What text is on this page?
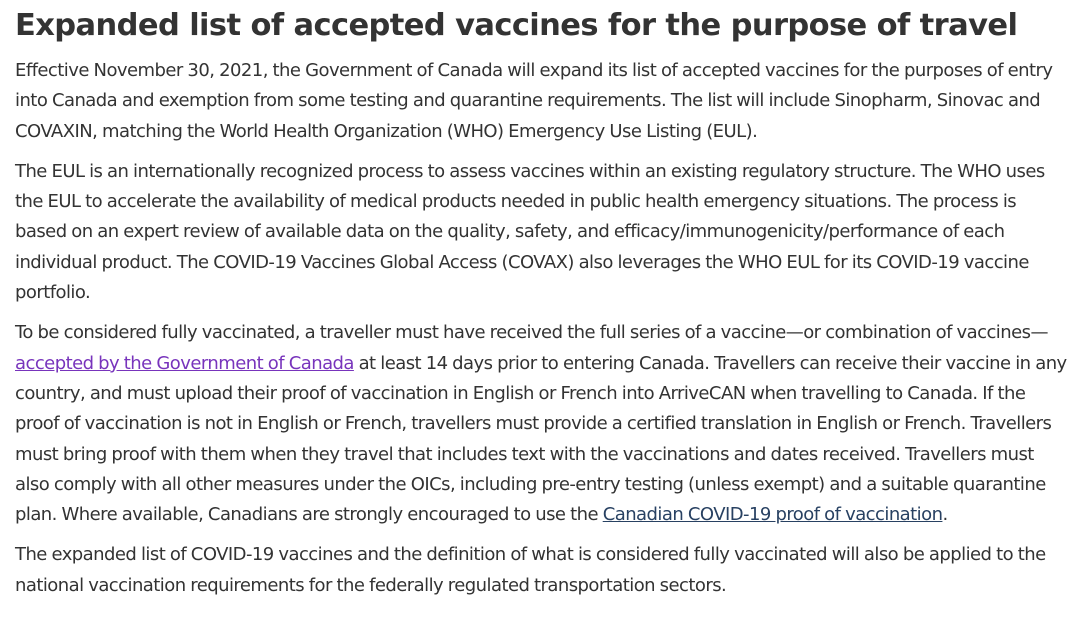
Expanded list of accepted vaccines for the purpose of travel

Effective November 30, 2021, the Government of Canada will expand its list of accepted vaccines for the purposes of entry into Canada and exemption from some testing and quarantine requirements. The list will include Sinopharm, Sinovac and COVAXIN, matching the World Health Organization (WHO) Emergency Use Listing (EUL).

The EUL is an internationally recognized process to assess vaccines within an existing regulatory structure. The WHO uses the EUL to accelerate the availability of medical products needed in public health emergency situations. The process is based on an expert review of available data on the quality, safety, and efficacy/immunogenicity/performance of each individual product. The COVID-19 Vaccines Global Access (COVAX) also leverages the WHO EUL for its COVID-19 vaccine portfolio.

To be considered fully vaccinated, a traveller must have received the full series of a vaccine—or combination of vaccines—accepted by the Government of Canada at least 14 days prior to entering Canada. Travellers can receive their vaccine in any country, and must upload their proof of vaccination in English or French into ArriveCAN when travelling to Canada. If the proof of vaccination is not in English or French, travellers must provide a certified translation in English or French. Travellers must bring proof with them when they travel that includes text with the vaccinations and dates received. Travellers must also comply with all other measures under the OICs, including pre-entry testing (unless exempt) and a suitable quarantine plan. Where available, Canadians are strongly encouraged to use the Canadian COVID-19 proof of vaccination.

The expanded list of COVID-19 vaccines and the definition of what is considered fully vaccinated will also be applied to the national vaccination requirements for the federally regulated transportation sectors.
